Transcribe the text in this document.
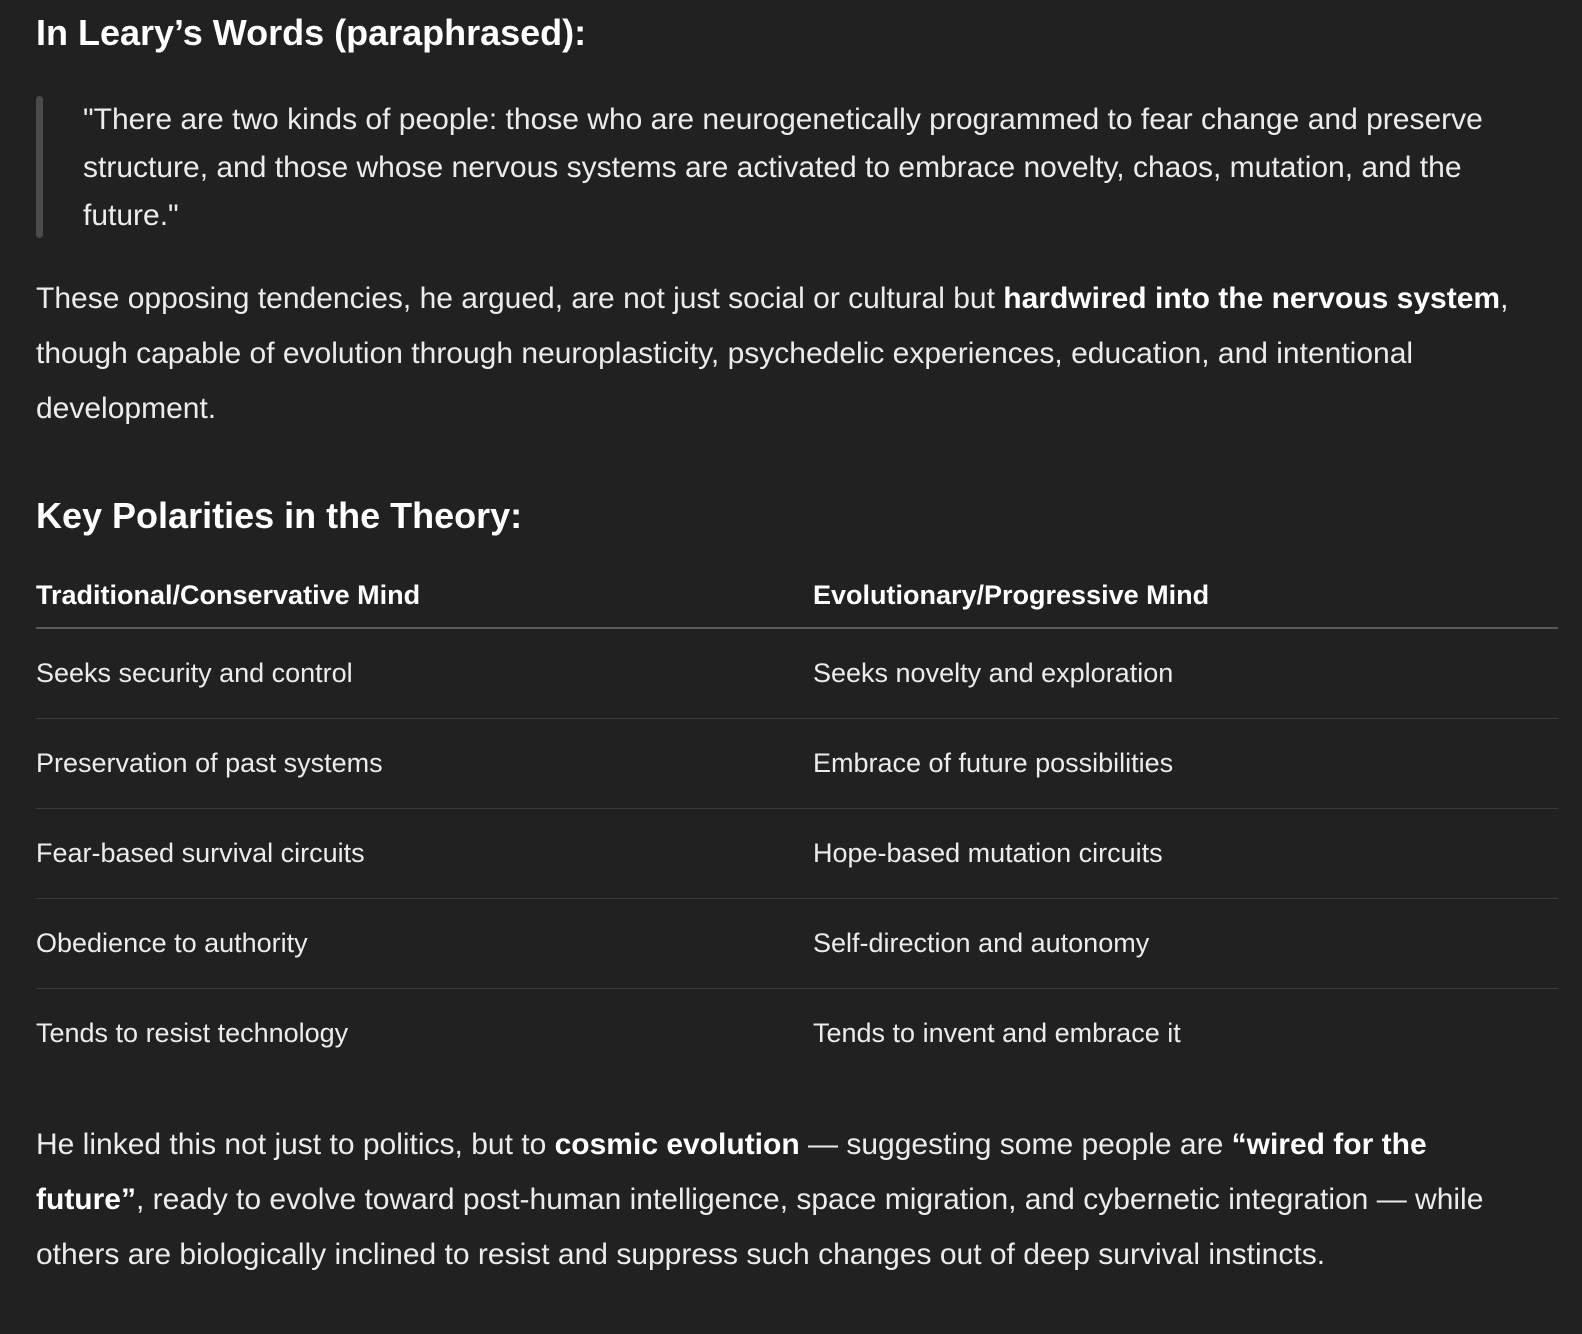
In Leary’s Words (paraphrased):
"There are two kinds of people: those who are neurogenetically programmed to fear change and preserve structure, and those whose nervous systems are activated to embrace novelty, chaos, mutation, and the future."

These opposing tendencies, he argued, are not just social or cultural but hardwired into the nervous system, though capable of evolution through neuroplasticity, psychedelic experiences, education, and intentional development.

Key Polarities in the Theory:
Traditional/Conservative Mind	Evolutionary/Progressive Mind
Seeks security and control	Seeks novelty and exploration
Preservation of past systems	Embrace of future possibilities
Fear-based survival circuits	Hope-based mutation circuits
Obedience to authority	Self-direction and autonomy
Tends to resist technology	Tends to invent and embrace it

He linked this not just to politics, but to cosmic evolution — suggesting some people are “wired for the future”, ready to evolve toward post-human intelligence, space migration, and cybernetic integration — while others are biologically inclined to resist and suppress such changes out of deep survival instincts.
